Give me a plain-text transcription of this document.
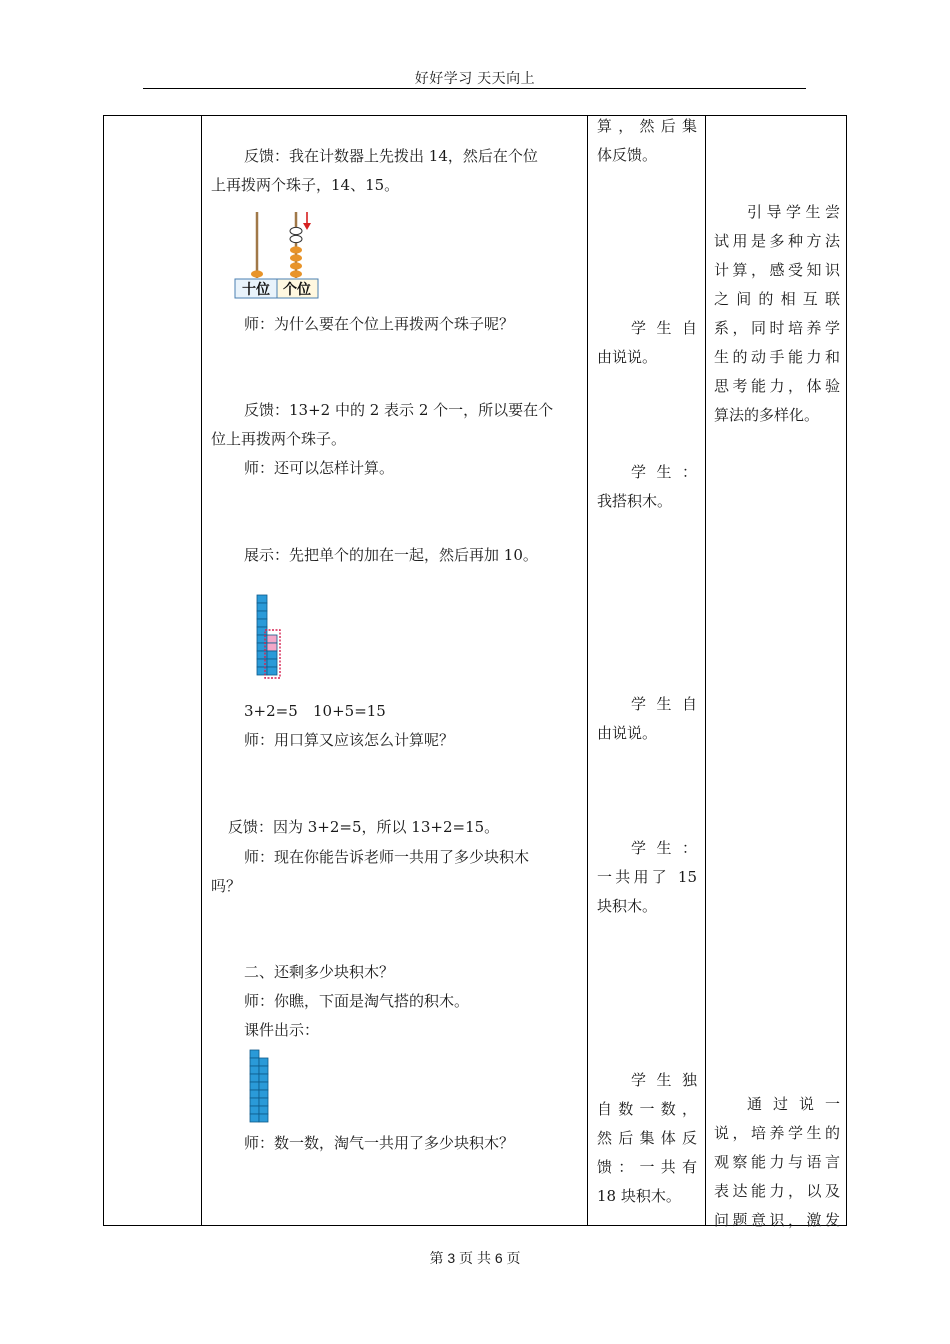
好好学习 天天向上
反馈：我在计数器上先拨出 14，然后在个位
上再拨两个珠子，14、15。
十位 个位
师：为什么要在个位上再拨两个珠子呢？
反馈：13+2 中的 2 表示 2 个一，所以要在个
位上再拨两个珠子。
师：还可以怎样计算。
展示：先把单个的加在一起，然后再加 10。
3+2=5 10+5=15
师：用口算又应该怎么计算呢？
反馈：因为 3+2=5，所以 13+2=15。
师：现在你能告诉老师一共用了多少块积木
吗？
二、还剩多少块积木？
师：你瞧，下面是淘气搭的积木。
课件出示：
师：数一数，淘气一共用了多少块积木？
算，然后集
体反馈。
学生自
由说说。
学生：
我搭积木。
学生自
由说说。
学生：
一共用了 15
块积木。
学生独
自数一数，
然后集体反
馈：一共有
18 块积木。
引导学生尝
试用是多种方法
计算，感受知识
之间的相互联
系，同时培养学
生的动手能力和
思考能力，体验
算法的多样化。
通过说一
说，培养学生的
观察能力与语言
表达能力，以及
问题意识，激发
第 3 页 共 6 页
